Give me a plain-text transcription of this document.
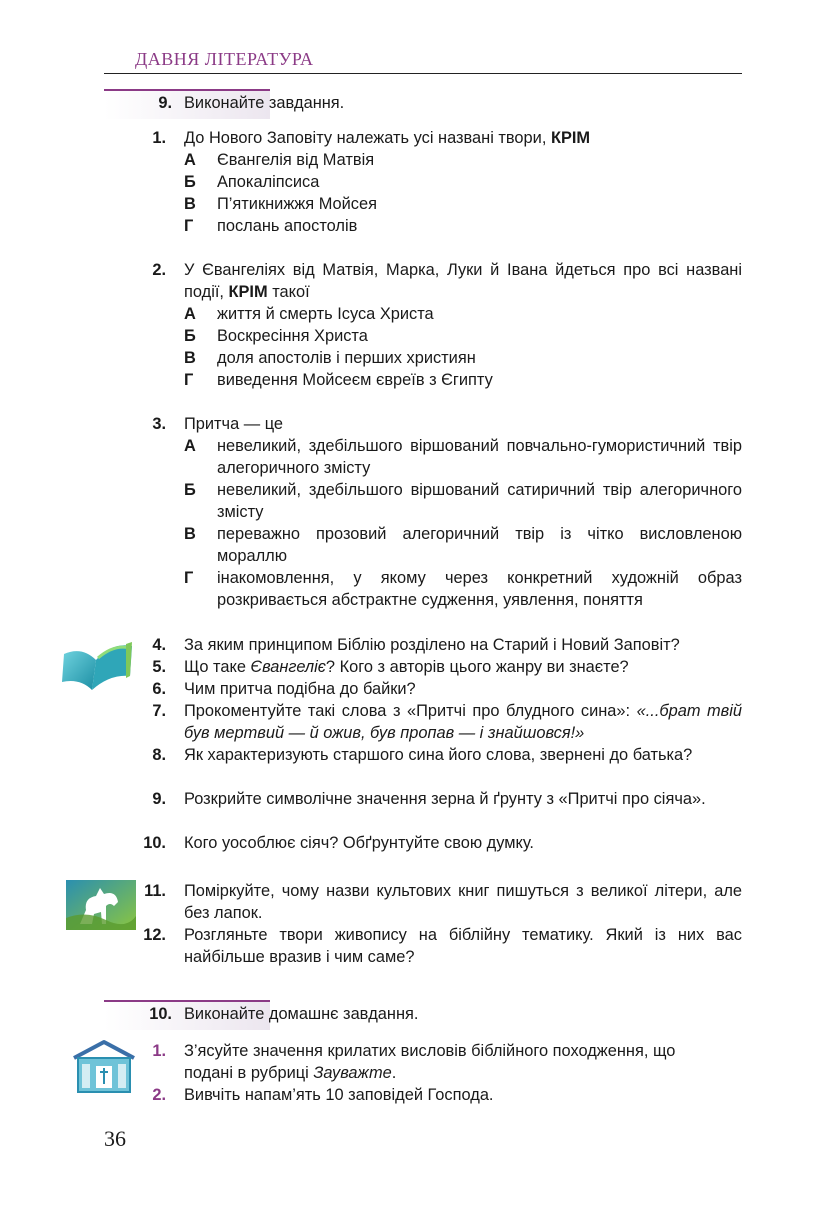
ДАВНЯ ЛІТЕРАТУРА
9. Виконайте завдання.
1. До Нового Заповіту належать усі названі твори, КРІМ
А Євангелія від Матвія
Б Апокаліпсиса
В П’ятикнижжя Мойсея
Г послань апостолів
2. У Євангеліях від Матвія, Марка, Луки й Івана йдеться про всі названі події, КРІМ такої
А життя й смерть Ісуса Христа
Б Воскресіння Христа
В доля апостолів і перших християн
Г виведення Мойсеєм євреїв з Єгипту
3. Притча — це
А невеликий, здебільшого віршований повчально-гумористичний твір алегоричного змісту
Б невеликий, здебільшого віршований сатиричний твір алегоричного змісту
В переважно прозовий алегоричний твір із чітко висловленою мораллю
Г інакомовлення, у якому через конкретний художній образ розкривається абстрактне судження, уявлення, поняття
4. За яким принципом Біблію розділено на Старий і Новий Заповіт?
5. Що таке Євангеліє? Кого з авторів цього жанру ви знаєте?
6. Чим притча подібна до байки?
7. Прокоментуйте такі слова з «Притчі про блудного сина»: «...брат твій був мертвий — й ожив, був пропав — і знайшовся!»
8. Як характеризують старшого сина його слова, звернені до батька?
9. Розкрийте символічне значення зерна й ґрунту з «Притчі про сіяча».
10. Кого уособлює сіяч? Обґрунтуйте свою думку.
11. Поміркуйте, чому назви культових книг пишуться з великої літери, але без лапок.
12. Розгляньте твори живопису на біблійну тематику. Який із них вас найбільше вразив і чим саме?
10. Виконайте домашнє завдання.
1. З’ясуйте значення крилатих висловів біблійного походження, що подані в рубриці Зауважте.
2. Вивчіть напам’ять 10 заповідей Господа.
36
